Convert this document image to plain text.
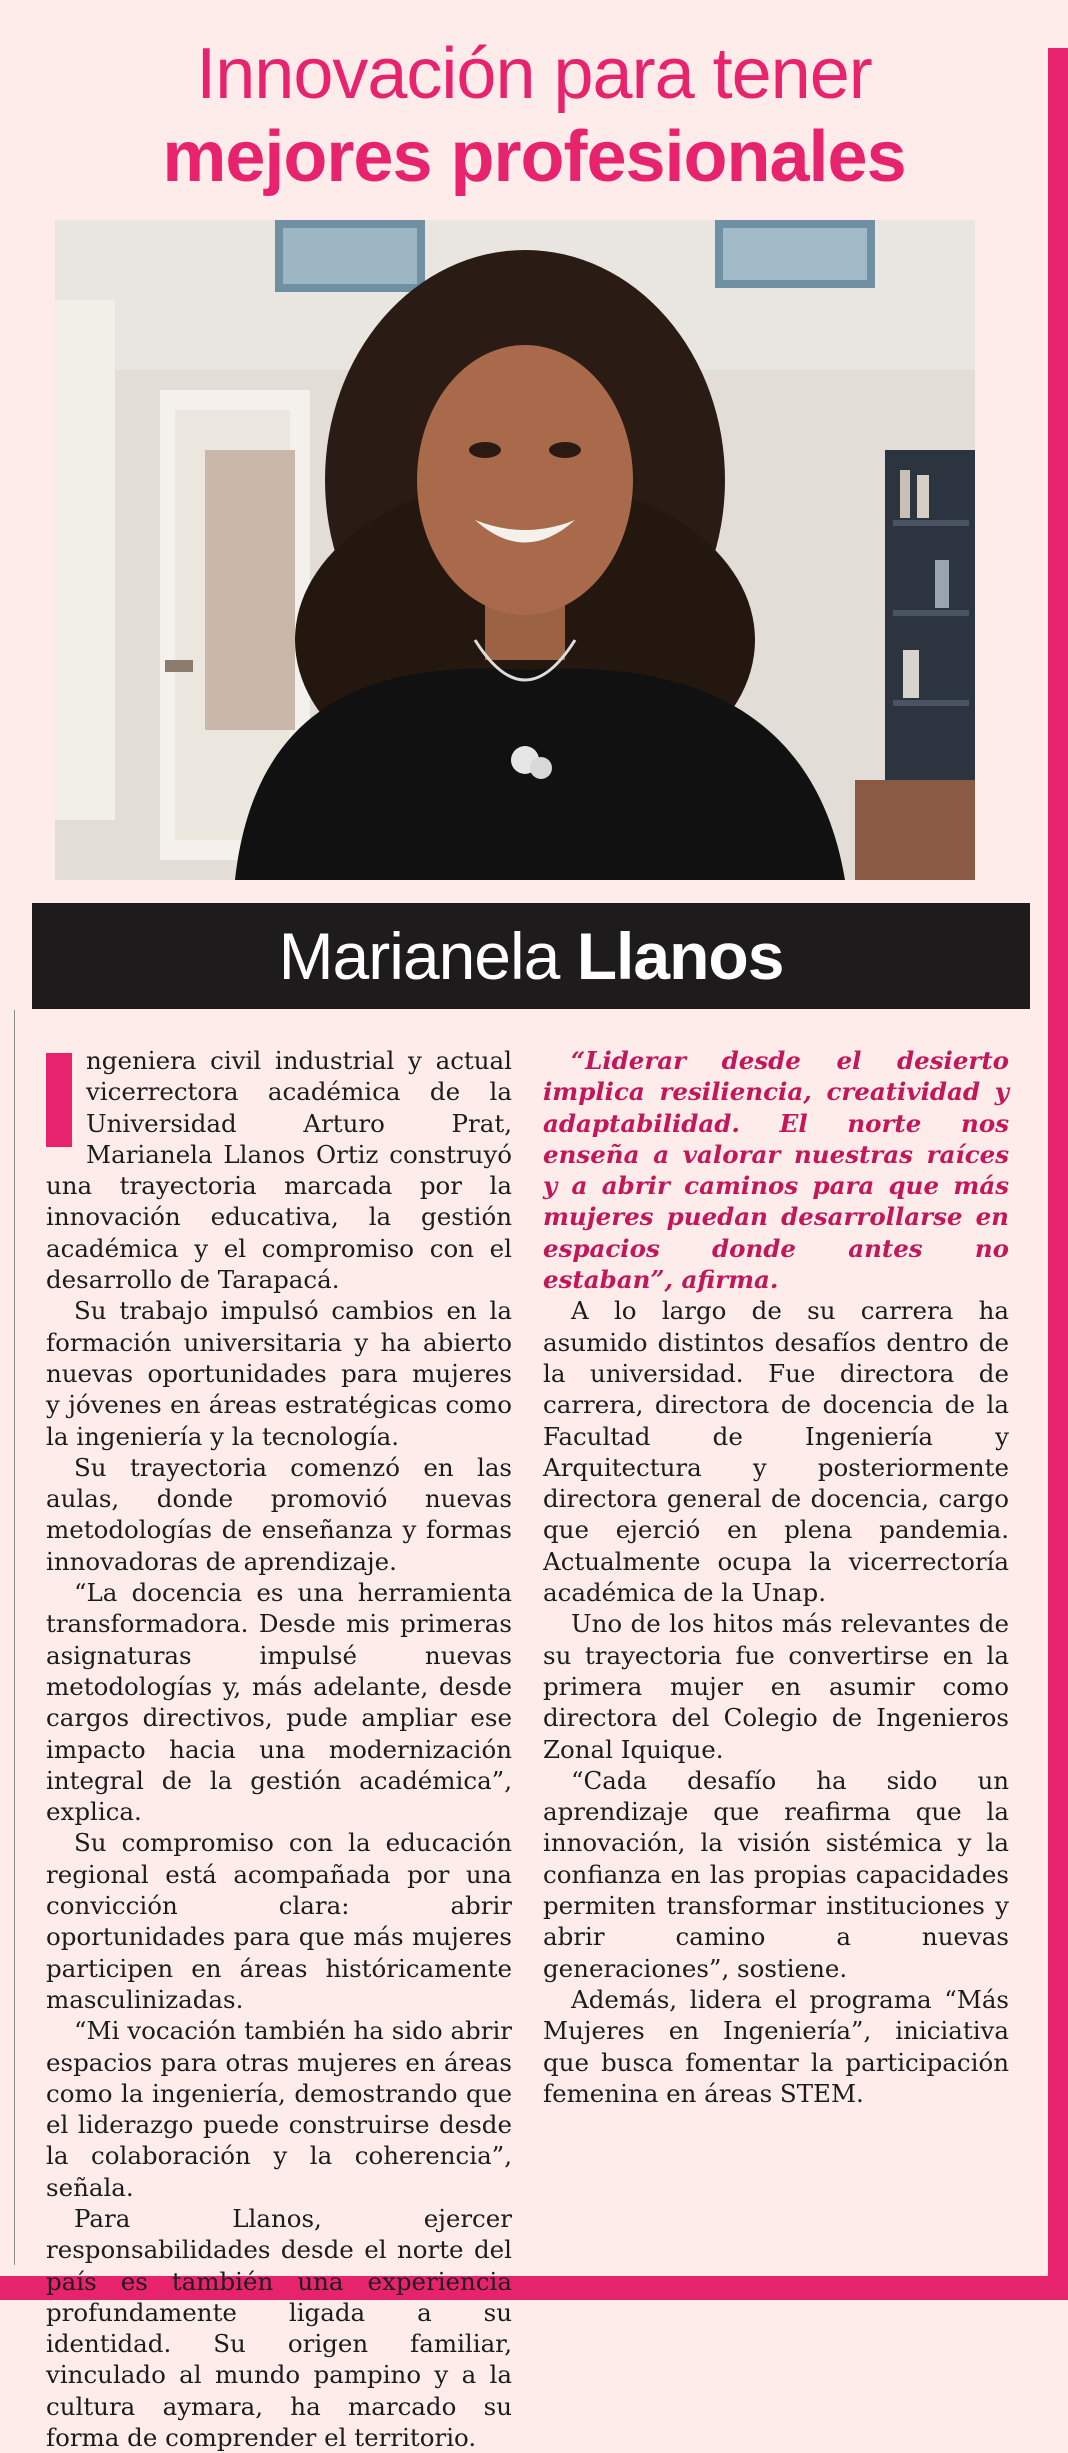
Innovación para tener
mejores profesionales
Marianela Llanos

ngeniera civil industrial y actual vicerrectora académica de la Universidad Arturo Prat, Marianela Llanos Ortiz construyó una trayectoria marcada por la innovación educativa, la gestión académica y el compromiso con el desarrollo de Tarapacá.

Su trabajo impulsó cambios en la formación universitaria y ha abierto nuevas oportunidades para mujeres y jóvenes en áreas estratégicas como la ingeniería y la tecnología.

Su trayectoria comenzó en las aulas, donde promovió nuevas metodologías de enseñanza y formas innovadoras de aprendizaje.

“La docencia es una herramienta transformadora. Desde mis primeras asignaturas impulsé nuevas metodologías y, más adelante, desde cargos directivos, pude ampliar ese impacto hacia una modernización integral de la gestión académica”, explica.

Su compromiso con la educación regional está acompañada por una convicción clara: abrir oportunidades para que más mujeres participen en áreas históricamente masculinizadas.

“Mi vocación también ha sido abrir espacios para otras mujeres en áreas como la ingeniería, demostrando que el liderazgo puede construirse desde la colaboración y la coherencia”, señala.

Para Llanos, ejercer responsabilidades desde el norte del país es también una experiencia profundamente ligada a su identidad. Su origen familiar, vinculado al mundo pampino y a la cultura aymara, ha marcado su forma de comprender el territorio.

“Liderar desde el desierto implica resiliencia, creatividad y adaptabilidad. El norte nos enseña a valorar nuestras raíces y a abrir caminos para que más mujeres puedan desarrollarse en espacios donde antes no estaban”, afirma.

A lo largo de su carrera ha asumido distintos desafíos dentro de la universidad. Fue directora de carrera, directora de docencia de la Facultad de Ingeniería y Arquitectura y posteriormente directora general de docencia, cargo que ejerció en plena pandemia. Actualmente ocupa la vicerrectoría académica de la Unap.

Uno de los hitos más relevantes de su trayectoria fue convertirse en la primera mujer en asumir como directora del Colegio de Ingenieros Zonal Iquique.

“Cada desafío ha sido un aprendizaje que reafirma que la innovación, la visión sistémica y la confianza en las propias capacidades permiten transformar instituciones y abrir camino a nuevas generaciones”, sostiene.

Además, lidera el programa “Más Mujeres en Ingeniería”, iniciativa que busca fomentar la participación femenina en áreas STEM.
